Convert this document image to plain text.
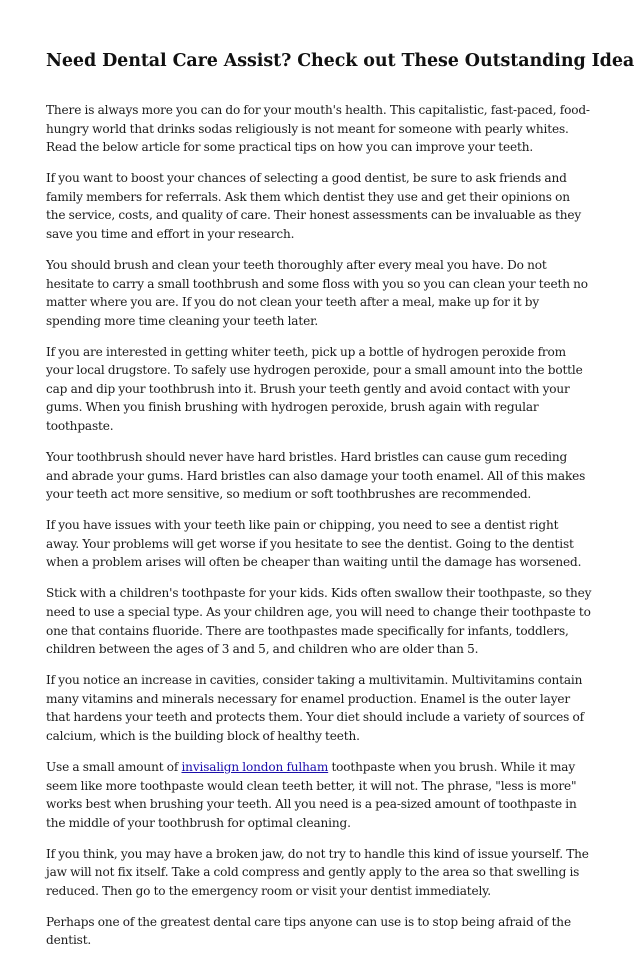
Need Dental Care Assist? Check out These Outstanding Idea

There is always more you can do for your mouth's health. This capitalistic, fast-paced, food-hungry world that drinks sodas religiously is not meant for someone with pearly whites. Read the below article for some practical tips on how you can improve your teeth.

If you want to boost your chances of selecting a good dentist, be sure to ask friends and family members for referrals. Ask them which dentist they use and get their opinions on the service, costs, and quality of care. Their honest assessments can be invaluable as they save you time and effort in your research.

You should brush and clean your teeth thoroughly after every meal you have. Do not hesitate to carry a small toothbrush and some floss with you so you can clean your teeth no matter where you are. If you do not clean your teeth after a meal, make up for it by spending more time cleaning your teeth later.

If you are interested in getting whiter teeth, pick up a bottle of hydrogen peroxide from your local drugstore. To safely use hydrogen peroxide, pour a small amount into the bottle cap and dip your toothbrush into it. Brush your teeth gently and avoid contact with your gums. When you finish brushing with hydrogen peroxide, brush again with regular toothpaste.

Your toothbrush should never have hard bristles. Hard bristles can cause gum receding and abrade your gums. Hard bristles can also damage your tooth enamel. All of this makes your teeth act more sensitive, so medium or soft toothbrushes are recommended.

If you have issues with your teeth like pain or chipping, you need to see a dentist right away. Your problems will get worse if you hesitate to see the dentist. Going to the dentist when a problem arises will often be cheaper than waiting until the damage has worsened.

Stick with a children's toothpaste for your kids. Kids often swallow their toothpaste, so they need to use a special type. As your children age, you will need to change their toothpaste to one that contains fluoride. There are toothpastes made specifically for infants, toddlers, children between the ages of 3 and 5, and children who are older than 5.

If you notice an increase in cavities, consider taking a multivitamin. Multivitamins contain many vitamins and minerals necessary for enamel production. Enamel is the outer layer that hardens your teeth and protects them. Your diet should include a variety of sources of calcium, which is the building block of healthy teeth.

Use a small amount of invisalign london fulham toothpaste when you brush. While it may seem like more toothpaste would clean teeth better, it will not. The phrase, "less is more" works best when brushing your teeth. All you need is a pea-sized amount of toothpaste in the middle of your toothbrush for optimal cleaning.

If you think, you may have a broken jaw, do not try to handle this kind of issue yourself. The jaw will not fix itself. Take a cold compress and gently apply to the area so that swelling is reduced. Then go to the emergency room or visit your dentist immediately.

Perhaps one of the greatest dental care tips anyone can use is to stop being afraid of the dentist.
